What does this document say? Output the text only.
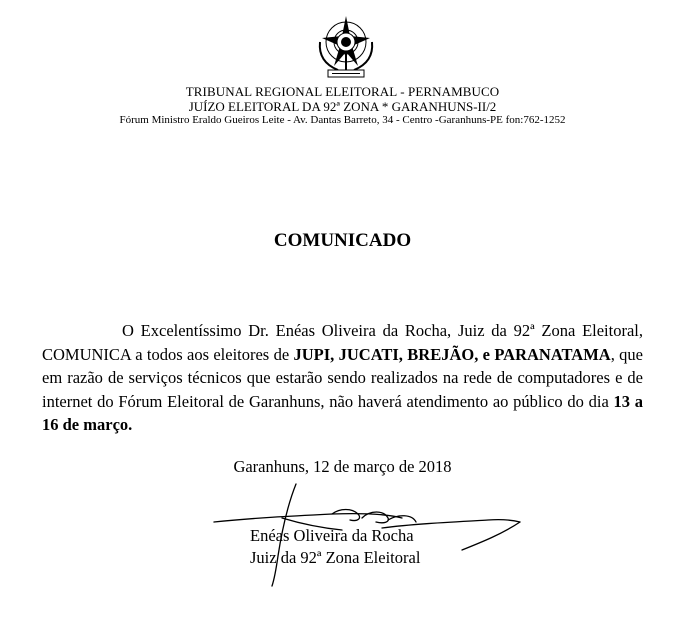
TRIBUNAL REGIONAL ELEITORAL - PERNAMBUCO
JUÍZO ELEITORAL DA 92ª ZONA * GARANHUNS-II/2
Fórum Ministro Eraldo Gueiros Leite - Av. Dantas Barreto, 34 - Centro -Garanhuns-PE fon:762-1252
COMUNICADO

O Excelentíssimo Dr. Enéas Oliveira da Rocha, Juiz da 92ª Zona Eleitoral, COMUNICA a todos aos eleitores de JUPI, JUCATI, BREJÃO, e PARANATAMA, que em razão de serviços técnicos que estarão sendo realizados na rede de computadores e de internet do Fórum Eleitoral de Garanhuns, não haverá atendimento ao público do dia 13 a 16 de março.

Garanhuns, 12 de março de 2018
Enéas Oliveira da Rocha
Juiz da 92ª Zona Eleitoral
